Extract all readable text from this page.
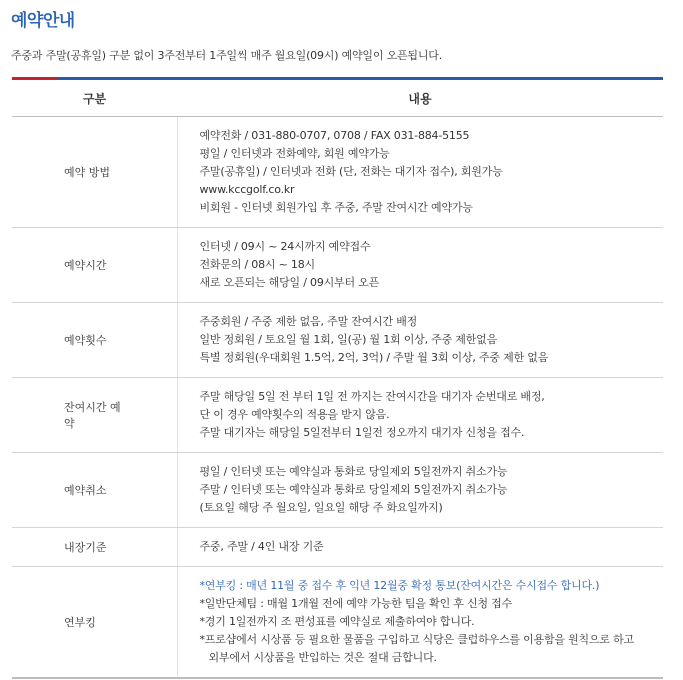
예약안내

주중과 주말(공휴일) 구분 없이 3주전부터 1주일씩 매주 월요일(09시) 예약일이 오픈됩니다.

구분	내용
예약 방법	예약전화 / 031-880-0707, 0708 / FAX 031-884-5155
평일 / 인터넷과 전화예약, 회원 예약가능
주말(공휴일) / 인터넷과 전화 (단, 전화는 대기자 접수), 회원가능
www.kccgolf.co.kr
비회원 - 인터넷 회원가입 후 주중, 주말 잔여시간 예약가능

예약시간	인터넷 / 09시 ~ 24시까지 예약접수
전화문의 / 08시 ~ 18시
새로 오픈되는 해당일 / 09시부터 오픈

예약횟수	주중회원 / 주중 제한 없음, 주말 잔여시간 배정
일반 정회원 / 토요일 월 1회, 일(공) 월 1회 이상, 주중 제한없음
특별 정회원(우대회원 1.5억, 2억, 3억) / 주말 월 3회 이상, 주중 제한 없음

잔여시간 예약	주말 해당일 5일 전 부터 1일 전 까지는 잔여시간을 대기자 순번대로 배정,
단 이 경우 예약횟수의 적용을 받지 않음.
주말 대기자는 해당일 5일전부터 1일전 정오까지 대기자 신청을 접수.

예약취소	평일 / 인터넷 또는 예약실과 통화로 당일제외 5일전까지 취소가능
주말 / 인터넷 또는 예약실과 통화로 당일제외 5일전까지 취소가능
(토요일 해당 주 월요일, 일요일 해당 주 화요일까지)

내장기준	주중, 주말 / 4인 내장 기준

연부킹	*연부킹 : 매년 11월 중 접수 후 익년 12월중 확정 통보(잔여시간은 수시접수 합니다.)
*일반단체팀 : 매월 1개월 전에 예약 가능한 팀을 확인 후 신청 접수
*경기 1일전까지 조 편성표를 예약실로 제출하여야 합니다.
*프로샵에서 시상품 등 필요한 물품을 구입하고 식당은 클럽하우스를 이용함을 원칙으로 하고
외부에서 시상품을 반입하는 것은 절대 금합니다.
